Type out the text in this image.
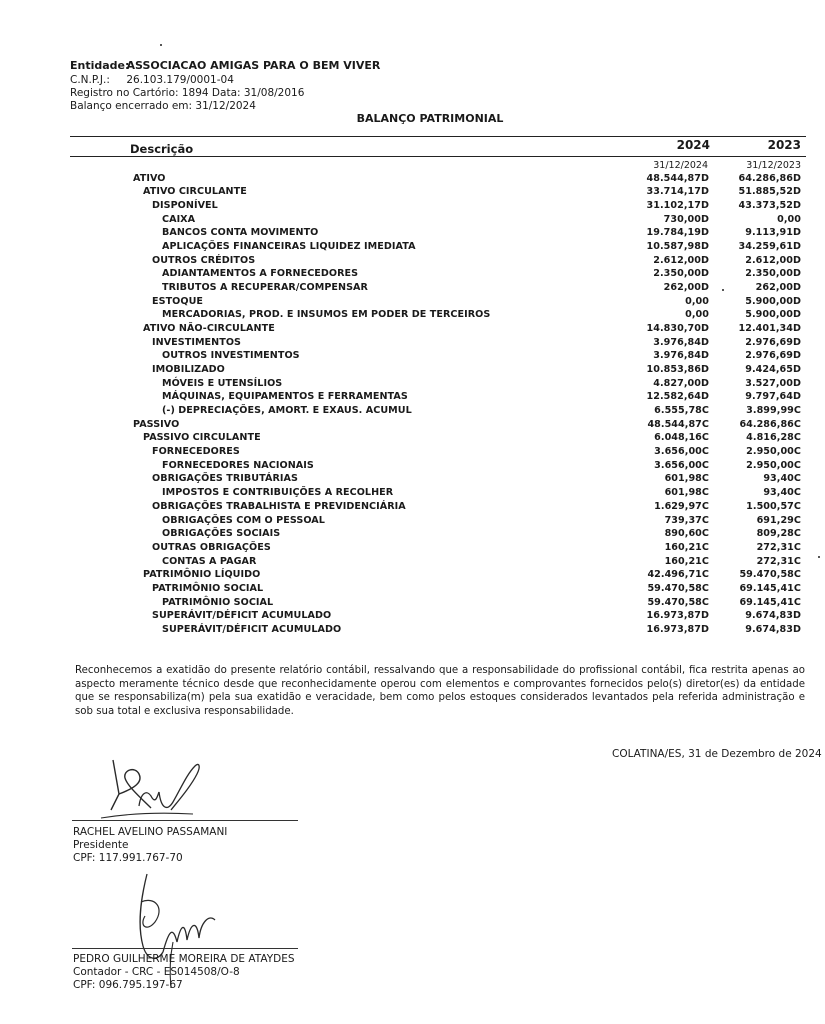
Entidade: ASSOCIACAO AMIGAS PARA O BEM VIVER
C.N.P.J.: 26.103.179/0001-04
Registro no Cartório: 1894 Data: 31/08/2016
Balanço encerrado em: 31/12/2024
BALANÇO PATRIMONIAL
Descrição	2024	2023
31/12/2024	31/12/2023
ATIVO	48.544,87D	64.286,86D
ATIVO CIRCULANTE	33.714,17D	51.885,52D
DISPONÍVEL	31.102,17D	43.373,52D
CAIXA	730,00D	0,00
BANCOS CONTA MOVIMENTO	19.784,19D	9.113,91D
APLICAÇÕES FINANCEIRAS LIQUIDEZ IMEDIATA	10.587,98D	34.259,61D
OUTROS CRÉDITOS	2.612,00D	2.612,00D
ADIANTAMENTOS A FORNECEDORES	2.350,00D	2.350,00D
TRIBUTOS A RECUPERAR/COMPENSAR	262,00D	262,00D
ESTOQUE	0,00	5.900,00D
MERCADORIAS, PROD. E INSUMOS EM PODER DE TERCEIROS	0,00	5.900,00D
ATIVO NÃO-CIRCULANTE	14.830,70D	12.401,34D
INVESTIMENTOS	3.976,84D	2.976,69D
OUTROS INVESTIMENTOS	3.976,84D	2.976,69D
IMOBILIZADO	10.853,86D	9.424,65D
MÓVEIS E UTENSÍLIOS	4.827,00D	3.527,00D
MÁQUINAS, EQUIPAMENTOS E FERRAMENTAS	12.582,64D	9.797,64D
(-) DEPRECIAÇÕES, AMORT. E EXAUS. ACUMUL	6.555,78C	3.899,99C
PASSIVO	48.544,87C	64.286,86C
PASSIVO CIRCULANTE	6.048,16C	4.816,28C
FORNECEDORES	3.656,00C	2.950,00C
FORNECEDORES NACIONAIS	3.656,00C	2.950,00C
OBRIGAÇÕES TRIBUTÁRIAS	601,98C	93,40C
IMPOSTOS E CONTRIBUIÇÕES A RECOLHER	601,98C	93,40C
OBRIGAÇÕES TRABALHISTA E PREVIDENCIÁRIA	1.629,97C	1.500,57C
OBRIGAÇÕES COM O PESSOAL	739,37C	691,29C
OBRIGAÇÕES SOCIAIS	890,60C	809,28C
OUTRAS OBRIGAÇÕES	160,21C	272,31C
CONTAS A PAGAR	160,21C	272,31C
PATRIMÔNIO LÍQUIDO	42.496,71C	59.470,58C
PATRIMÔNIO SOCIAL	59.470,58C	69.145,41C
PATRIMÔNIO SOCIAL	59.470,58C	69.145,41C
SUPERÁVIT/DÉFICIT ACUMULADO	16.973,87D	9.674,83D
SUPERÁVIT/DÉFICIT ACUMULADO	16.973,87D	9.674,83D
Reconhecemos a exatidão do presente relatório contábil, ressalvando que a responsabilidade do profissional contábil, fica restrita apenas ao aspecto meramente técnico desde que reconhecidamente operou com elementos e comprovantes fornecidos pelo(s) diretor(es) da entidade que se responsabiliza(m) pela sua exatidão e veracidade, bem como pelos estoques considerados levantados pela referida administração e sob sua total e exclusiva responsabilidade.
COLATINA/ES, 31 de Dezembro de 2024
RACHEL AVELINO PASSAMANI
Presidente
CPF: 117.991.767-70
PEDRO GUILHERME MOREIRA DE ATAYDES
Contador - CRC - ES014508/O-8
CPF: 096.795.197-67
